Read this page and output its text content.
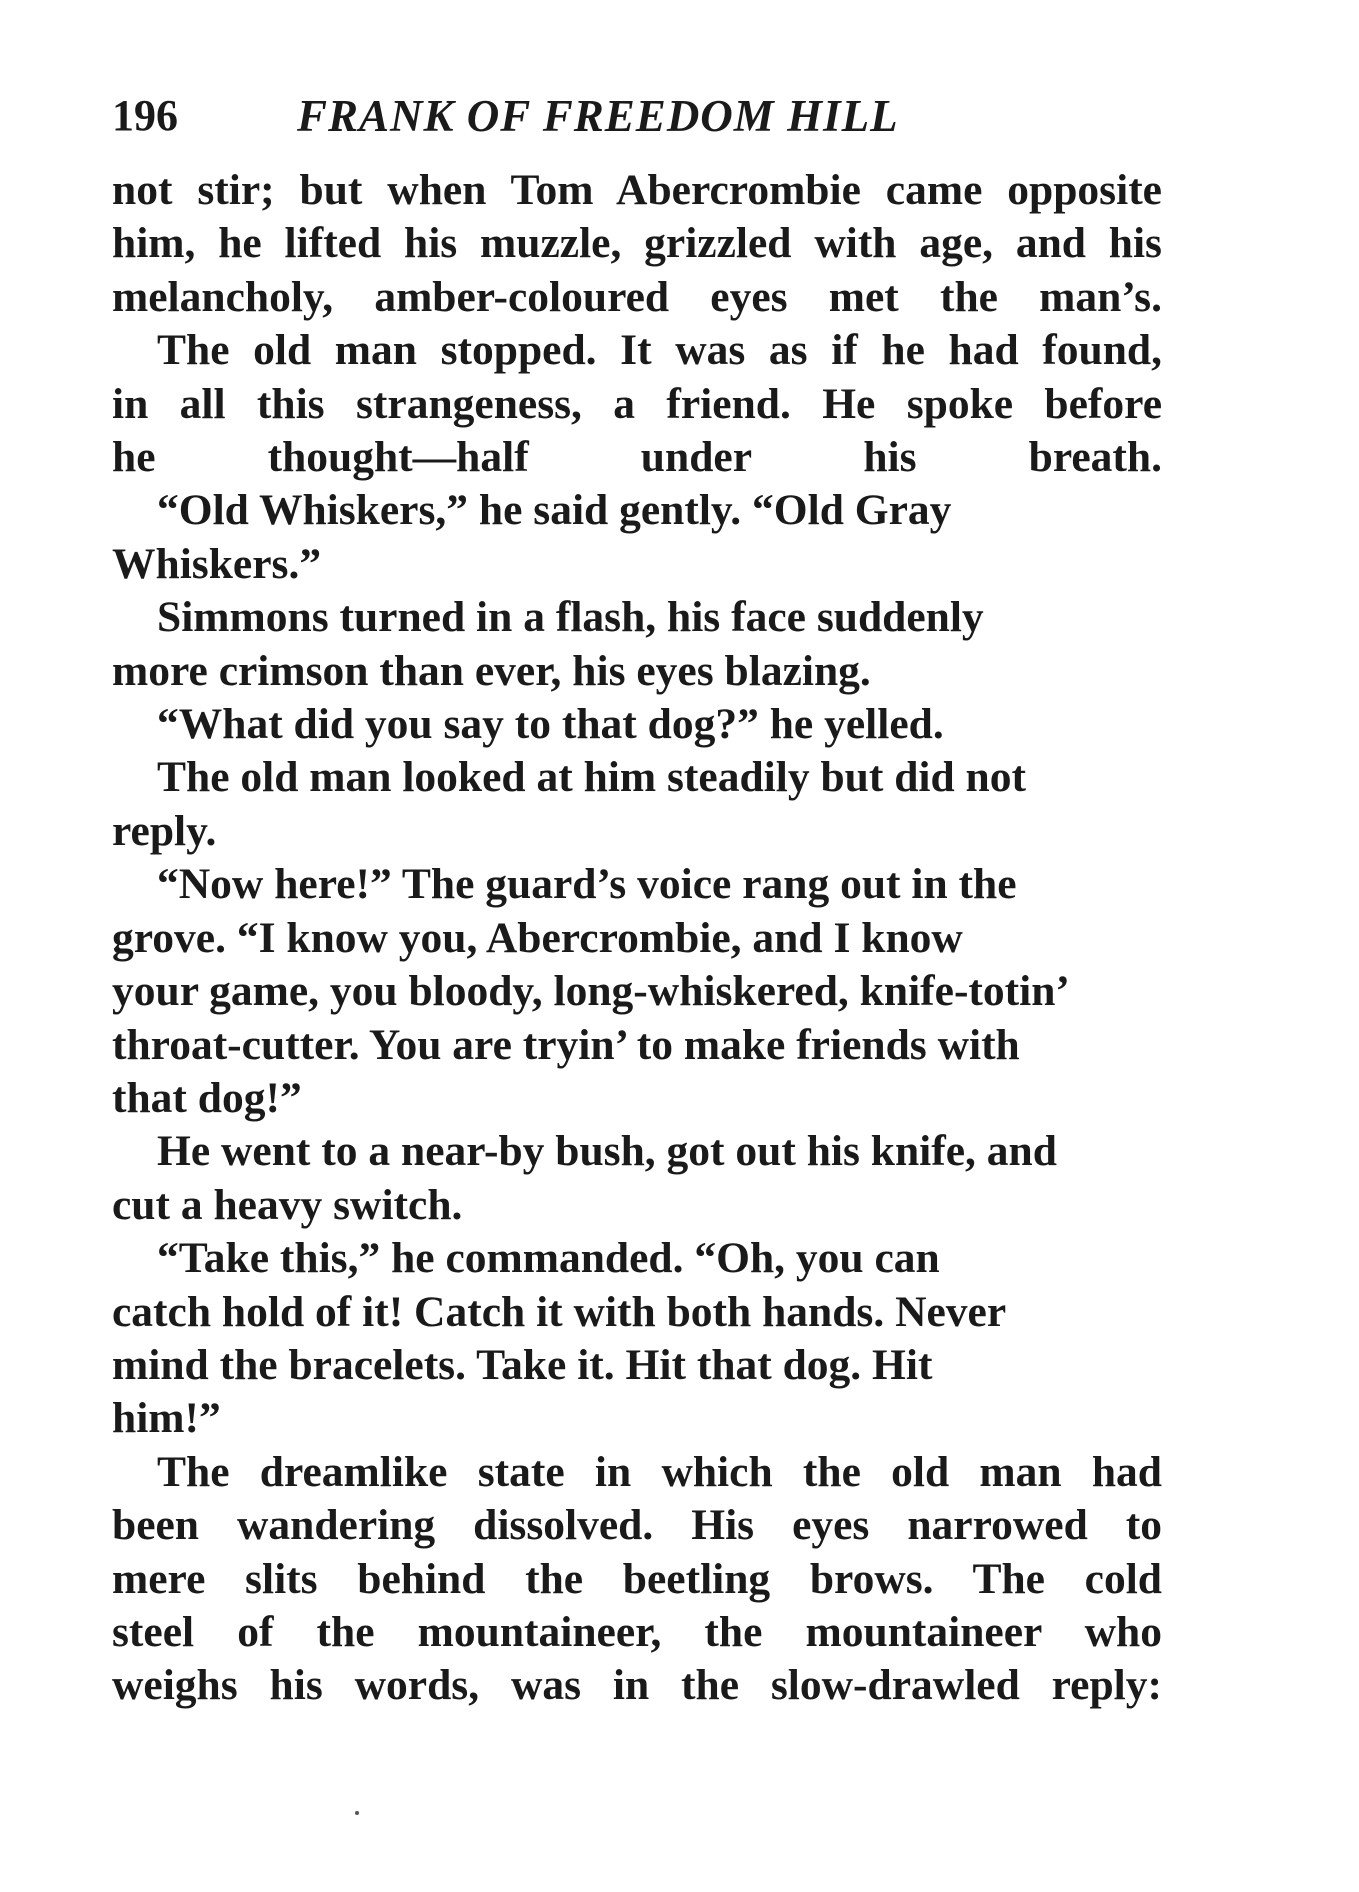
196	FRANK OF FREEDOM HILL

not stir; but when Tom Abercrombie came opposite
him, he lifted his muzzle, grizzled with age, and his
melancholy, amber-coloured eyes met the man’s.

The old man stopped. It was as if he had found,
in all this strangeness, a friend. He spoke before
he thought—half under his breath.

“Old Whiskers,” he said gently. “Old Gray
Whiskers.”

Simmons turned in a flash, his face suddenly
more crimson than ever, his eyes blazing.

“What did you say to that dog?” he yelled.

The old man looked at him steadily but did not
reply.

“Now here!” The guard’s voice rang out in the
grove. “I know you, Abercrombie, and I know
your game, you bloody, long-whiskered, knife-totin’
throat-cutter. You are tryin’ to make friends with
that dog!”

He went to a near-by bush, got out his knife, and
cut a heavy switch.

“Take this,” he commanded. “Oh, you can
catch hold of it! Catch it with both hands. Never
mind the bracelets. Take it. Hit that dog. Hit
him!”

The dreamlike state in which the old man had
been wandering dissolved. His eyes narrowed to
mere slits behind the beetling brows. The cold
steel of the mountaineer, the mountaineer who
weighs his words, was in the slow-drawled reply:
